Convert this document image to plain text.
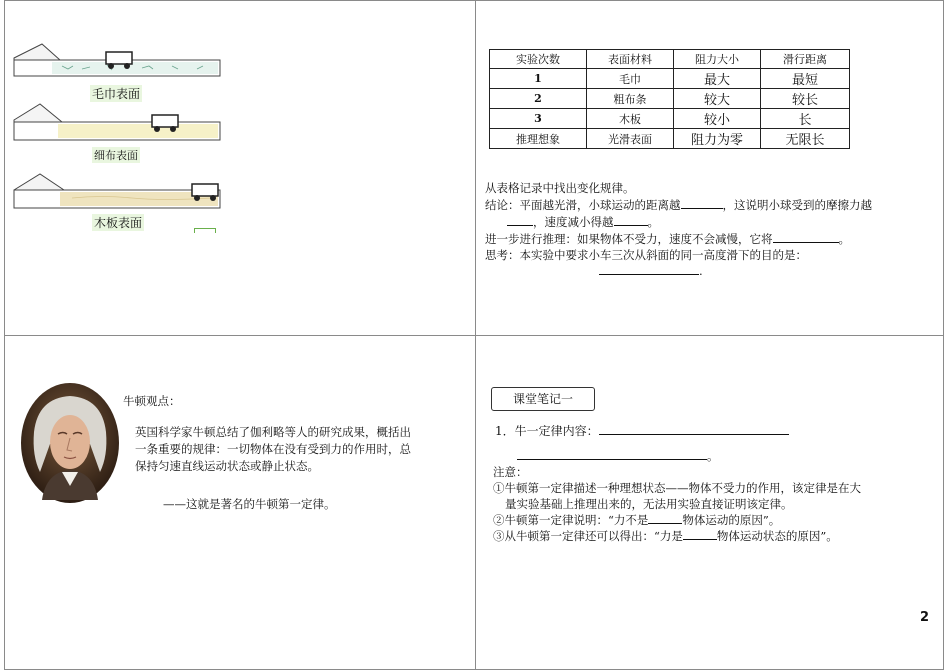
毛巾表面
细布表面
木板表面
实验次数	表面材料	阻力大小	滑行距离
1	毛巾	最大	最短
2	粗布条	较大	较长
3	木板	较小	长
推理想象	光滑表面	阻力为零	无限长
从表格记录中找出变化规律。
结论：平面越光滑，小球运动的距离越	，这说明小球受到的摩擦力越
，速度减小得越	。
进一步进行推理：如果物体不受力，速度不会减慢，它将	。
思考：本实验中要求小车三次从斜面的同一高度滑下的目的是：
.
牛顿观点：
英国科学家牛顿总结了伽利略等人的研究成果，概括出
一条重要的规律：一切物体在没有受到力的作用时，总
保持匀速直线运动状态或静止状态。
——这就是著名的牛顿第一定律。
课堂笔记一
1．牛一定律内容：
。
注意：
①牛顿第一定律描述一种理想状态——物体不受力的作用，该定律是在大
量实验基础上推理出来的，无法用实验直接证明该定律。
②牛顿第一定律说明：“力不是	物体运动的原因”。
③从牛顿第一定律还可以得出：“力是	物体运动状态的原因”。
2
